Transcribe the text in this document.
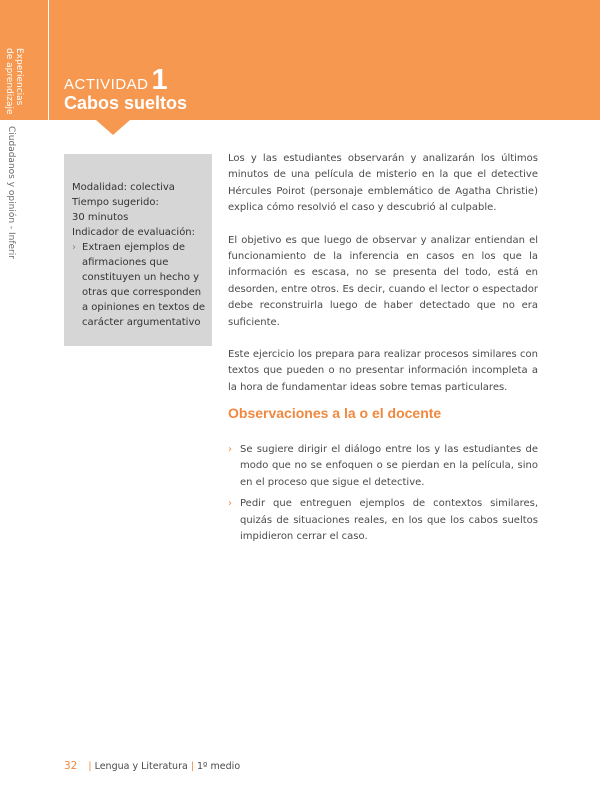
Experiencias
de aprendizaje
Ciudadanos y opinión - Inferir
ACTIVIDAD 1
Cabos sueltos
Modalidad: colectiva
Tiempo sugerido:
30 minutos
Indicador de evaluación:
› Extraen ejemplos de afirmaciones que constituyen un hecho y otras que corresponden a opiniones en textos de carácter argumentativo

Los y las estudiantes observarán y analizarán los últimos minutos de una película de misterio en la que el detective Hércules Poirot (personaje emblemático de Agatha Christie) explica cómo resolvió el caso y descubrió al culpable.

El objetivo es que luego de observar y analizar entiendan el funcionamiento de la inferencia en casos en los que la información es escasa, no se presenta del todo, está en desorden, entre otros. Es decir, cuando el lector o espectador debe reconstruirla luego de haber detectado que no era suficiente.

Este ejercicio los prepara para realizar procesos similares con textos que pueden o no presentar información incompleta a la hora de fundamentar ideas sobre temas particulares.

Observaciones a la o el docente
› Se sugiere dirigir el diálogo entre los y las estudiantes de modo que no se enfoquen o se pierdan en la película, sino en el proceso que sigue el detective.
› Pedir que entreguen ejemplos de contextos similares, quizás de situaciones reales, en los que los cabos sueltos impidieron cerrar el caso.
32 | Lengua y Literatura | 1º medio
